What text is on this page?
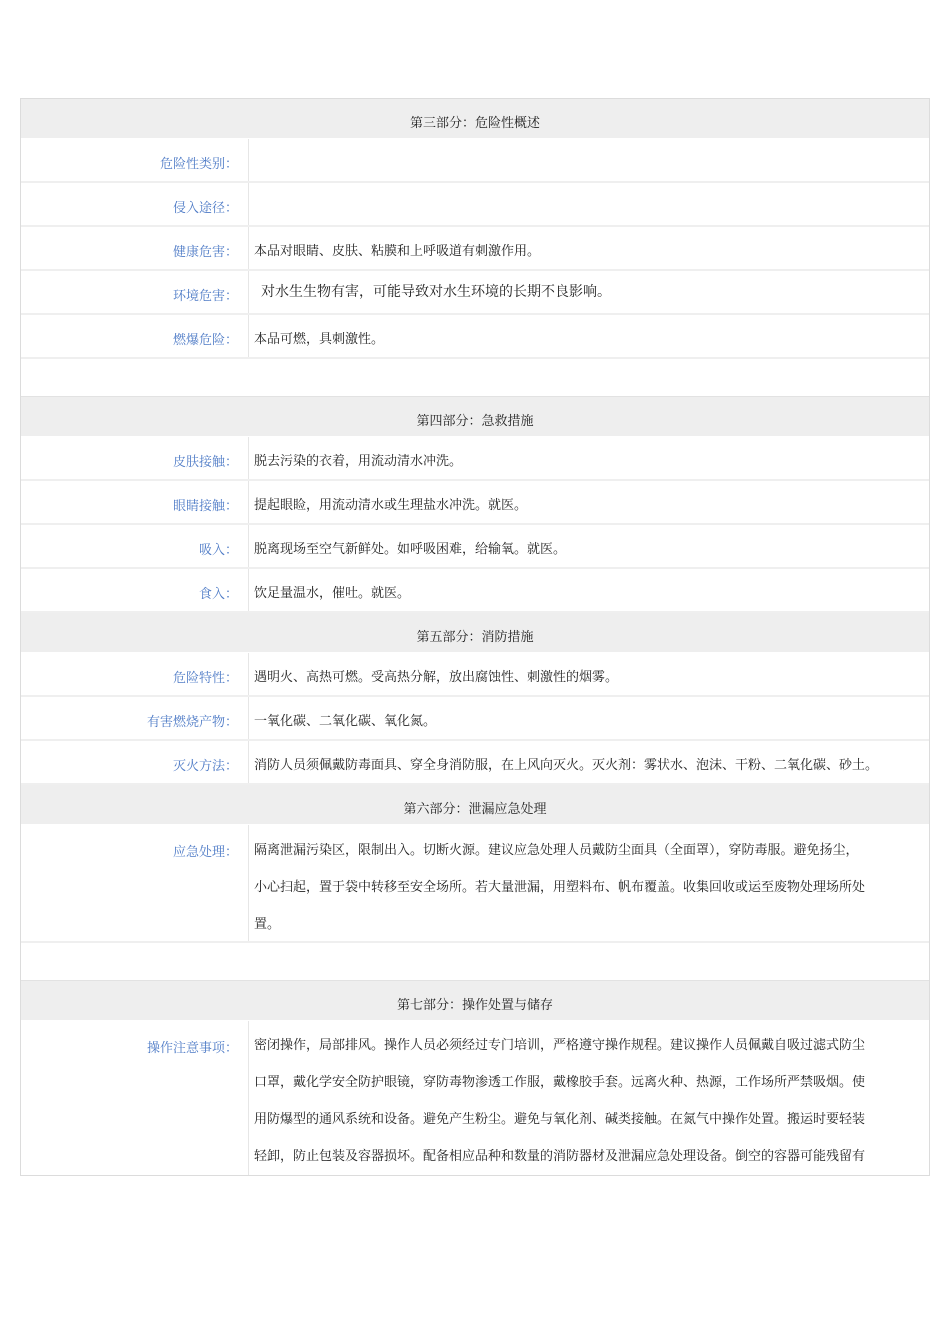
第三部分：危险性概述
危险性类别：
侵入途径：
健康危害：	本品对眼睛、皮肤、粘膜和上呼吸道有刺激作用。
环境危害：	对水生生物有害，可能导致对水生环境的长期不良影响。
燃爆危险：	本品可燃，具刺激性。
第四部分：急救措施
皮肤接触：	脱去污染的衣着，用流动清水冲洗。
眼睛接触：	提起眼睑，用流动清水或生理盐水冲洗。就医。
吸入：	脱离现场至空气新鲜处。如呼吸困难，给输氧。就医。
食入：	饮足量温水，催吐。就医。
第五部分：消防措施
危险特性：	遇明火、高热可燃。受高热分解，放出腐蚀性、刺激性的烟雾。
有害燃烧产物：	一氧化碳、二氧化碳、氧化氮。
灭火方法：	消防人员须佩戴防毒面具、穿全身消防服，在上风向灭火。灭火剂：雾状水、泡沫、干粉、二氧化碳、砂土。
第六部分：泄漏应急处理
应急处理：	隔离泄漏污染区，限制出入。切断火源。建议应急处理人员戴防尘面具（全面罩），穿防毒服。避免扬尘，

小心扫起，置于袋中转移至安全场所。若大量泄漏，用塑料布、帆布覆盖。收集回收或运至废物处理场所处

置。

第七部分：操作处置与储存
操作注意事项：	密闭操作，局部排风。操作人员必须经过专门培训，严格遵守操作规程。建议操作人员佩戴自吸过滤式防尘

口罩，戴化学安全防护眼镜，穿防毒物渗透工作服，戴橡胶手套。远离火种、热源，工作场所严禁吸烟。使

用防爆型的通风系统和设备。避免产生粉尘。避免与氧化剂、碱类接触。在氮气中操作处置。搬运时要轻装

轻卸，防止包装及容器损坏。配备相应品种和数量的消防器材及泄漏应急处理设备。倒空的容器可能残留有
